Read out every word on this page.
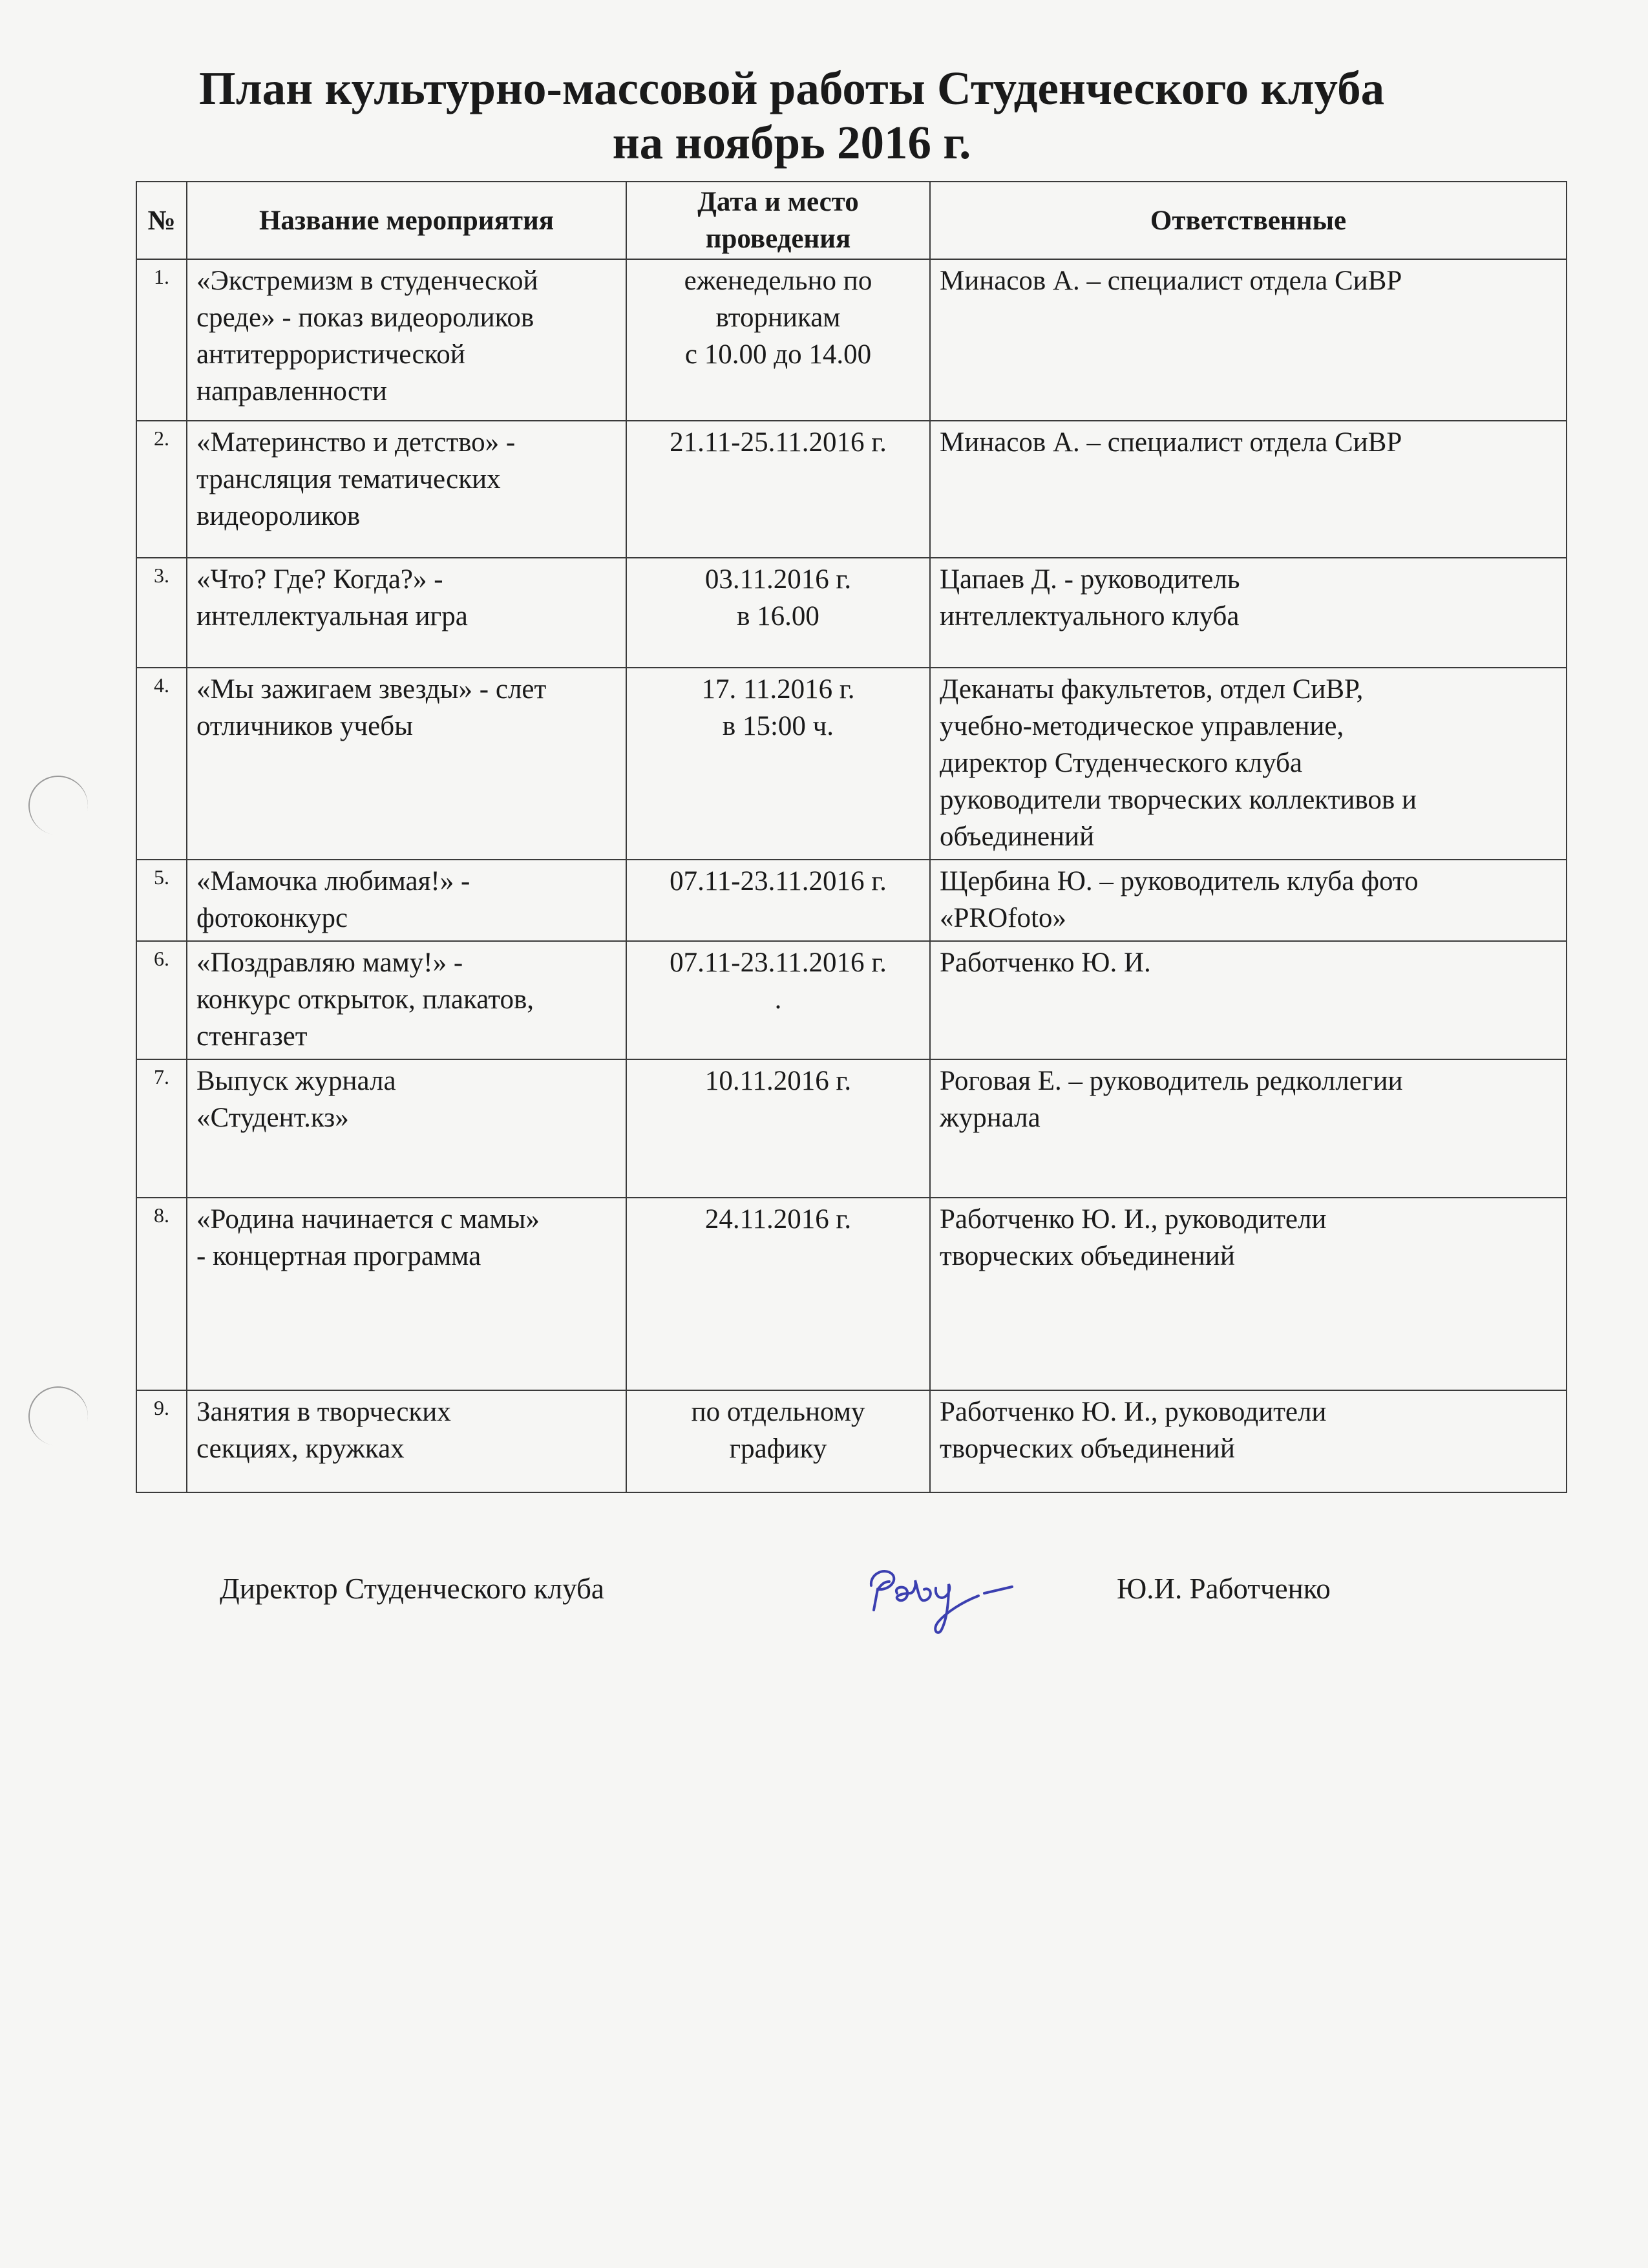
План культурно-массовой работы Студенческого клуба
на ноябрь 2016 г.
№	Название мероприятия	Дата и место
проведения	Ответственные
1.	«Экстремизм в студенческой
среде» - показ видеороликов
антитеррористической
направленности	еженедельно по
вторникам
с 10.00 до 14.00	Минасов А. – специалист отдела СиВР

2.	«Материнство и детство» -
трансляция тематических
видеороликов	21.11-25.11.2016 г.	Минасов А. – специалист отдела СиВР

3.	«Что? Где? Когда?» -
интеллектуальная игра	03.11.2016 г.
в 16.00	Цапаев Д. - руководитель
интеллектуального клуба

4.	«Мы зажигаем звезды» - слет
отличников учебы	17. 11.2016 г.
в 15:00 ч.	Деканаты факультетов, отдел СиВР,
учебно-методическое управление,
директор Студенческого клуба
руководители творческих коллективов и
объединений

5.	«Мамочка любимая!» -
фотоконкурс	07.11-23.11.2016 г.	Щербина Ю. – руководитель клуба фото
«PROfoto»

6.	«Поздравляю маму!» -
конкурс открыток, плакатов,
стенгазет	07.11-23.11.2016 г.
.	Работченко Ю. И.

7.	Выпуск журнала
«Студент.кз»	10.11.2016 г.	Роговая Е. – руководитель редколлегии
журнала

8.	«Родина начинается с мамы»
- концертная программа	24.11.2016 г.	Работченко Ю. И., руководители
творческих объединений

9.	Занятия в творческих
секциях, кружках	по отдельному
графику	Работченко Ю. И., руководители
творческих объединений
Директор Студенческого клуба	Ю.И. Работченко
